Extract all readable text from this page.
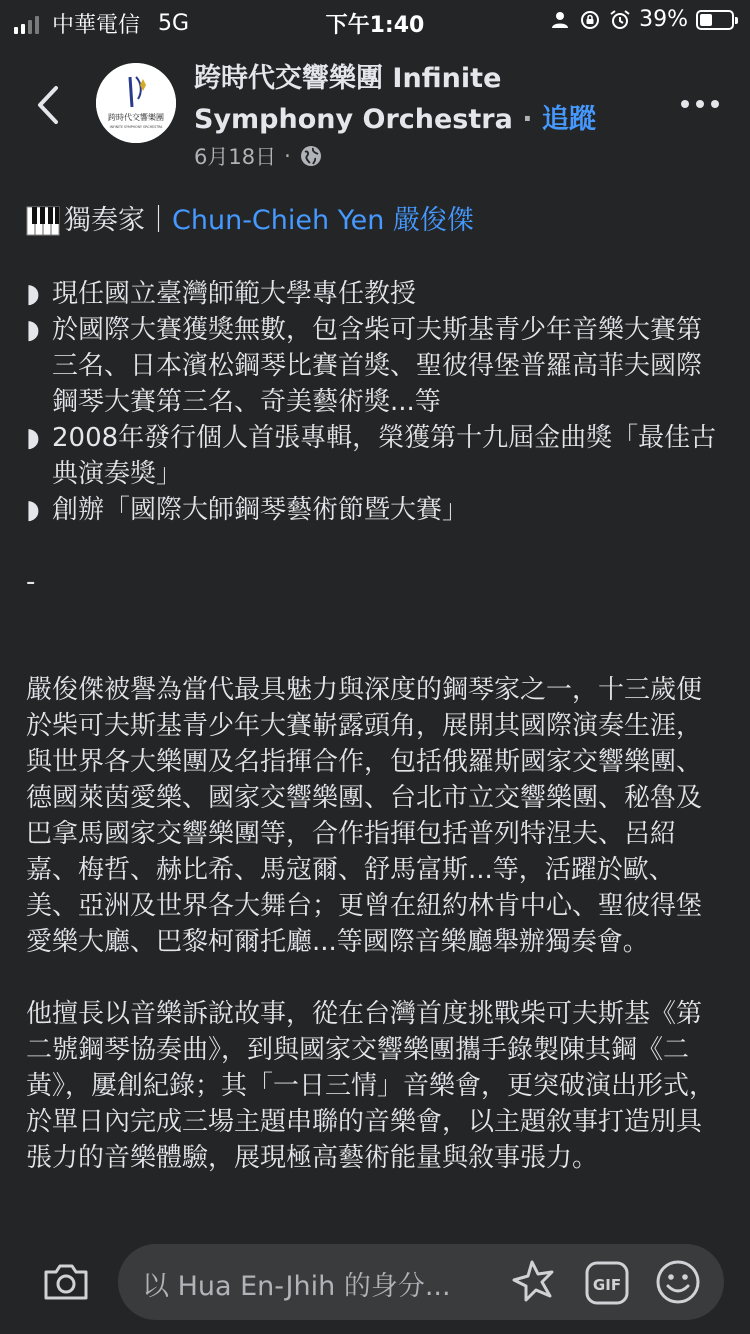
中華電信 5G	下午1:40	39%
跨時代交響樂團
INFINITE SYMPHONY ORCHESTRA
跨時代交響樂團 Infinite Symphony Orchestra · 追蹤
6月18日 ·
獨奏家｜ Chun-Chieh Yen 嚴俊傑
◗ 現任國立臺灣師範大學專任教授
◗ 於國際大賽獲獎無數，包含柴可夫斯基青少年音樂大賽第三名、日本濱松鋼琴比賽首獎、聖彼得堡普羅高菲夫國際鋼琴大賽第三名、奇美藝術獎...等
◗ 2008年發行個人首張專輯，榮獲第十九屆金曲獎「最佳古典演奏獎」
◗ 創辦「國際大師鋼琴藝術節暨大賽」

-

嚴俊傑被譽為當代最具魅力與深度的鋼琴家之一，十三歲便於柴可夫斯基青少年大賽嶄露頭角，展開其國際演奏生涯，與世界各大樂團及名指揮合作，包括俄羅斯國家交響樂團、德國萊茵愛樂、國家交響樂團、台北市立交響樂團、秘魯及巴拿馬國家交響樂團等，合作指揮包括普列特涅夫、呂紹嘉、梅哲、赫比希、馬寇爾、舒馬富斯...等，活躍於歐、美、亞洲及世界各大舞台；更曾在紐約林肯中心、聖彼得堡愛樂大廳、巴黎柯爾托廳...等國際音樂廳舉辦獨奏會。

他擅長以音樂訴說故事，從在台灣首度挑戰柴可夫斯基《第二號鋼琴協奏曲》，到與國家交響樂團攜手錄製陳其鋼《二黃》，屢創紀錄；其「一日三情」音樂會，更突破演出形式，於單日內完成三場主題串聯的音樂會，以主題敘事打造別具張力的音樂體驗，展現極高藝術能量與敘事張力。

以 Hua En-Jhih 的身分...	GIF
